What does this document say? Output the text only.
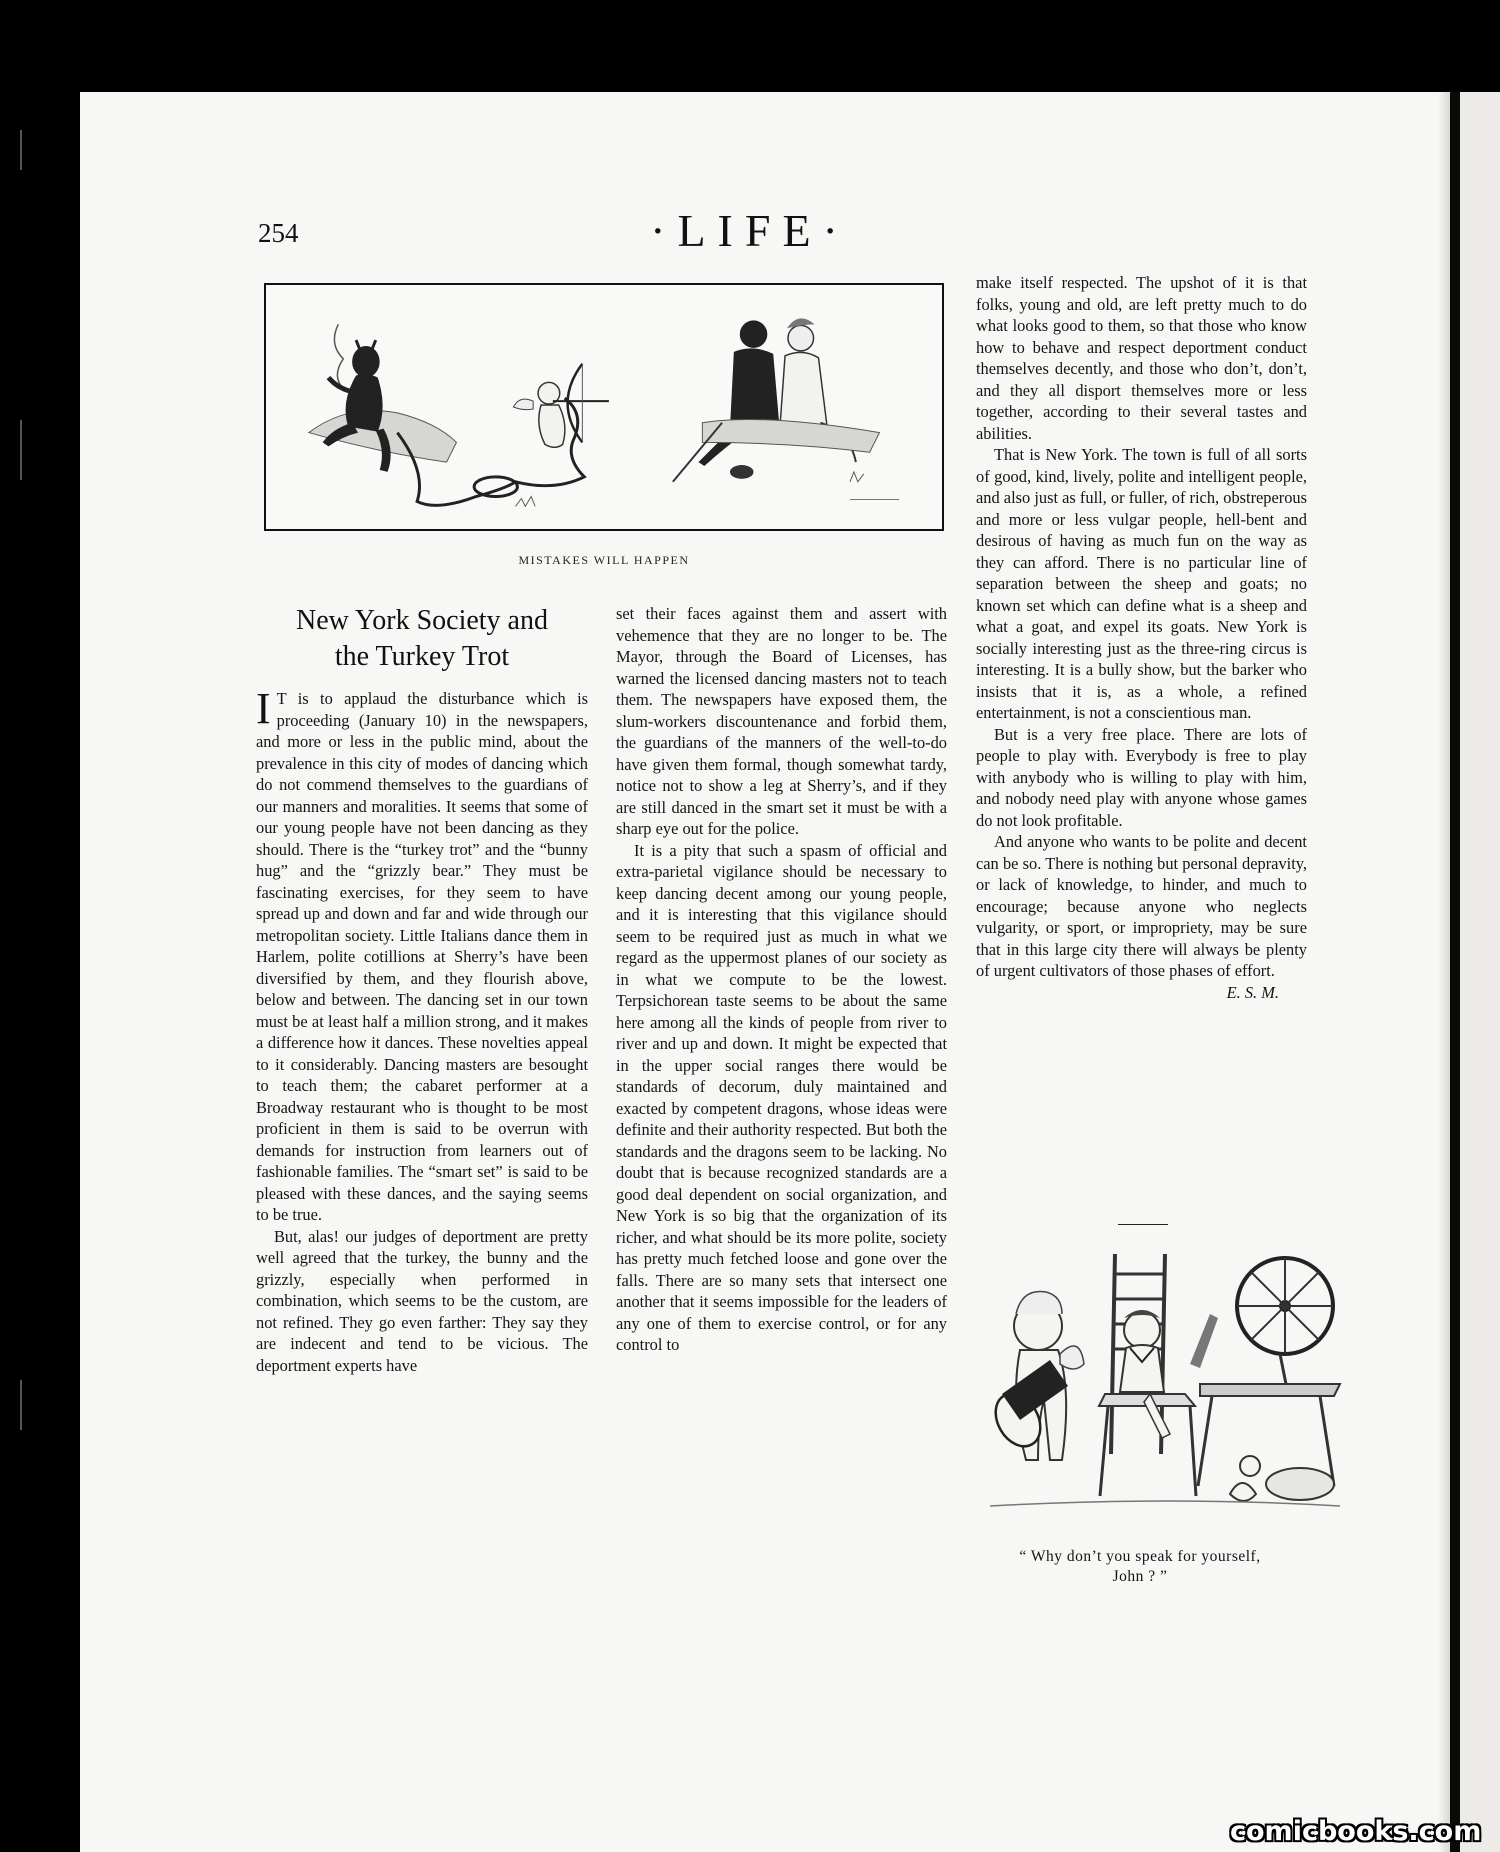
254	·LIFE·
MISTAKES WILL HAPPEN
New York Society and
the Turkey Trot

I T is to applaud the disturbance which is proceeding (January 10) in the newspapers, and more or less in the public mind, about the prevalence in this city of modes of dancing which do not commend themselves to the guardians of our manners and moralities. It seems that some of our young people have not been dancing as they should. There is the “turkey trot” and the “bunny hug” and the “grizzly bear.” They must be fascinating exercises, for they seem to have spread up and down and far and wide through our metropolitan society. Little Italians dance them in Harlem, polite cotillions at Sherry’s have been diversified by them, and they flourish above, below and between. The dancing set in our town must be at least half a million strong, and it makes a difference how it dances. These novelties appeal to it considerably. Dancing masters are besought to teach them; the cabaret performer at a Broadway restaurant who is thought to be most proficient in them is said to be overrun with demands for instruction from learners out of fashionable families. The “smart set” is said to be pleased with these dances, and the saying seems to be true.

But, alas! our judges of deportment are pretty well agreed that the turkey, the bunny and the grizzly, especially when performed in combination, which seems to be the custom, are not refined. They go even farther: They say they are indecent and tend to be vicious. The deportment experts have

set their faces against them and assert with vehemence that they are no longer to be. The Mayor, through the Board of Licenses, has warned the licensed dancing masters not to teach them. The newspapers have exposed them, the slum-workers discountenance and forbid them, the guardians of the manners of the well-to-do have given them formal, though somewhat tardy, notice not to show a leg at Sherry’s, and if they are still danced in the smart set it must be with a sharp eye out for the police.

It is a pity that such a spasm of official and extra-parietal vigilance should be necessary to keep dancing decent among our young people, and it is interesting that this vigilance should seem to be required just as much in what we regard as the uppermost planes of our society as in what we compute to be the lowest. Terpsichorean taste seems to be about the same here among all the kinds of people from river to river and up and down. It might be expected that in the upper social ranges there would be standards of decorum, duly maintained and exacted by competent dragons, whose ideas were definite and their authority respected. But both the standards and the dragons seem to be lacking. No doubt that is because recognized standards are a good deal dependent on social organization, and New York is so big that the organization of its richer, and what should be its more polite, society has pretty much fetched loose and gone over the falls. There are so many sets that intersect one another that it seems impossible for the leaders of any one of them to exercise control, or for any control to

make itself respected. The upshot of it is that folks, young and old, are left pretty much to do what looks good to them, so that those who know how to behave and respect deportment conduct themselves decently, and those who don’t, don’t, and they all disport themselves more or less together, according to their several tastes and abilities.

That is New York. The town is full of all sorts of good, kind, lively, polite and intelligent people, and also just as full, or fuller, of rich, obstreperous and more or less vulgar people, hell-bent and desirous of having as much fun on the way as they can afford. There is no particular line of separation between the sheep and goats; no known set which can define what is a sheep and what a goat, and expel its goats. New York is socially interesting just as the three-ring circus is interesting. It is a bully show, but the barker who insists that it is, as a whole, a refined entertainment, is not a conscientious man.

But is a very free place. There are lots of people to play with. Everybody is free to play with anybody who is willing to play with him, and nobody need play with anyone whose games do not look profitable.

And anyone who wants to be polite and decent can be so. There is nothing but personal depravity, or lack of knowledge, to hinder, and much to encourage; because anyone who neglects vulgarity, or sport, or impropriety, may be sure that in this large city there will always be plenty of urgent cultivators of those phases of effort.

E. S. M.

“ Why don’t you speak for yourself,
John ? ”
comicbooks.com
